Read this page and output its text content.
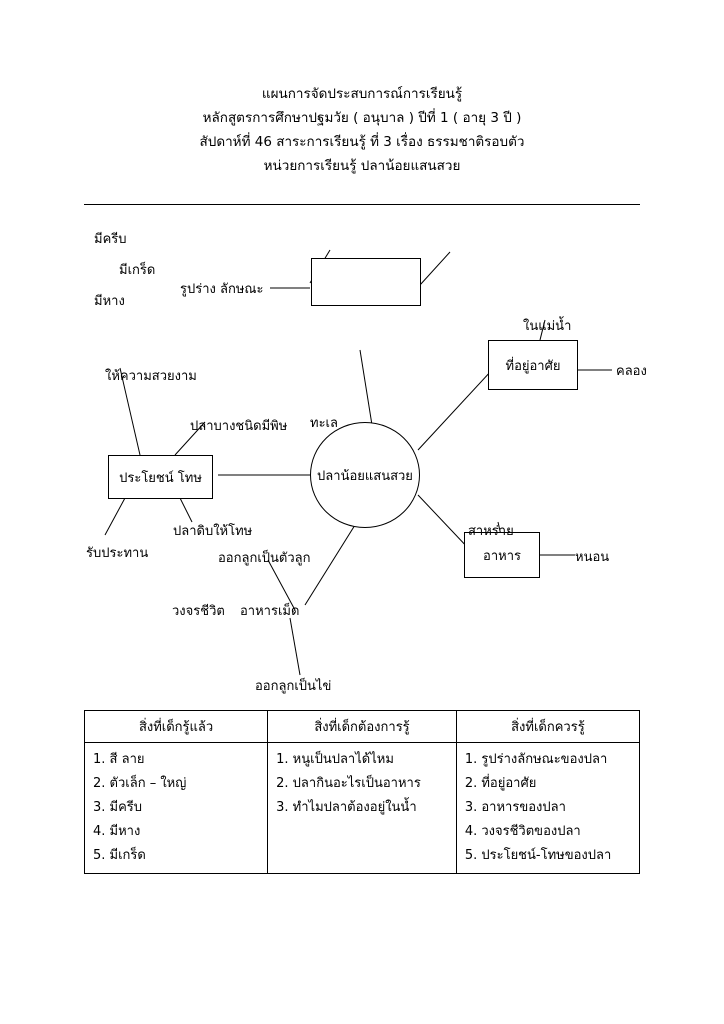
แผนการจัดประสบการณ์การเรียนรู้
หลักสูตรการศึกษาปฐมวัย ( อนุบาล ) ปีที่ 1 ( อายุ 3 ปี )
สัปดาห์ที่ 46 สาระการเรียนรู้ ที่ 3 เรื่อง ธรรมชาติรอบตัว
หน่วยการเรียนรู้ ปลาน้อยแสนสวย
ที่อยู่อาศัย
ประโยชน์ โทษ
อาหาร
ปลาน้อยแสนสวย
มีครีบ
มีเกร็ด
มีหาง
รูปร่าง ลักษณะ
ให้ความสวยงาม
ปลาบางชนิดมีพิษ ทะเล
ในแม่น้ำ
คลอง
สาหร่าย
หนอน
รับประทาน
ปลาดิบให้โทษ
วงจรชีวิต อาหารเม็ด
ออกลูกเป็นตัวลูก
ออกลูกเป็นไข่
สิ่งที่เด็กรู้แล้ว	สิ่งที่เด็กต้องการรู้	สิ่งที่เด็กควรรู้

1. สี ลาย
2. ตัวเล็ก – ใหญ่
3. มีครีบ
4. มีหาง
5. มีเกร็ด

1. หนูเป็นปลาได้ไหม
2. ปลากินอะไรเป็นอาหาร
3. ทำไมปลาต้องอยู่ในน้ำ

1. รูปร่างลักษณะของปลา
2. ที่อยู่อาศัย
3. อาหารของปลา
4. วงจรชีวิตของปลา
5. ประโยชน์-โทษของปลา
